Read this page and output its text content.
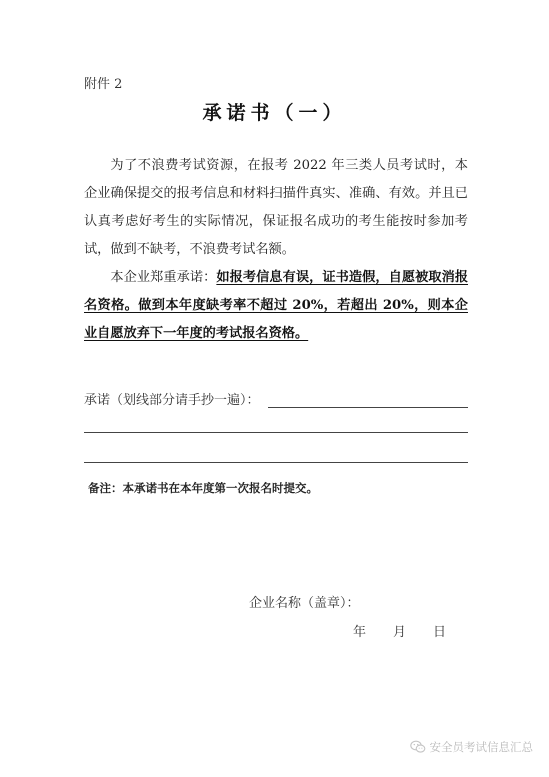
附件 2
承诺书（一）

为了不浪费考试资源，在报考 2022 年三类人员考试时，本企业确保提交的报考信息和材料扫描件真实、准确、有效。并且已认真考虑好考生的实际情况，保证报名成功的考生能按时参加考试，做到不缺考，不浪费考试名额。

本企业郑重承诺：如报考信息有误，证书造假，自愿被取消报名资格。做到本年度缺考率不超过 20%，若超出 20%，则本企业自愿放弃下一年度的考试报名资格。

承诺（划线部分请手抄一遍）：
备注：本承诺书在本年度第一次报名时提交。
企业名称（盖章）：
年 月 日
安全员考试信息汇总
